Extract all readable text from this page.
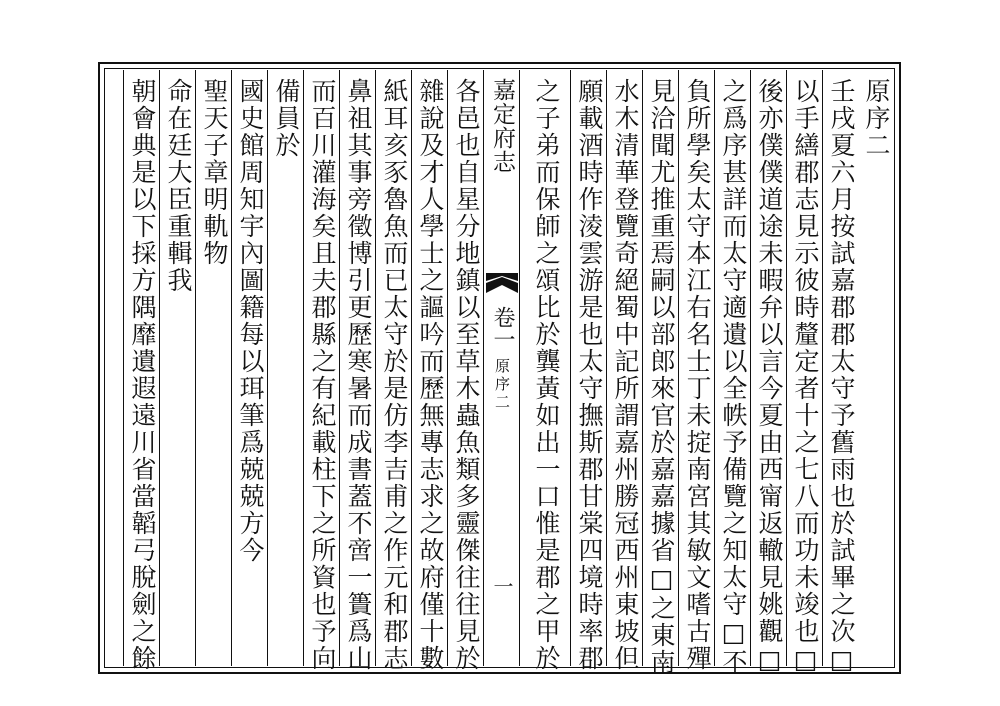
原序二
壬戌夏六月按試嘉郡郡太守予舊雨也於試畢之次□
以手繕郡志見示彼時釐定者十之七八而功未竣也□
後亦僕僕道途未暇弁以言今夏由西甯返轍見姚觀□
之爲序甚詳而太守適遺以全帙予備覽之知太守□不
負所學矣太守本江右名士丁未掟南宮其敏文嗜古殫
見洽聞尤推重焉嗣以部郎來官於嘉嘉據省□之東南
水木清華登覽奇絕蜀中記所謂嘉州勝冠西州東坡但
願載酒時作淩雲游是也太守撫斯郡甘棠四境時率郡
之子弟而保師之頌比於龔黃如出一口惟是郡之甲於
嘉定府志
卷一
原序二
一
各邑也自星分地鎮以至草木蟲魚類多靈傑往往見於
雜說及才人學士之謳吟而歷無專志求之故府僅十數
紙耳亥豕魯魚而已太守於是仿李吉甫之作元和郡志
鼻祖其事旁徵博引更歷寒暑而成書蓋不啻一簣爲山
而百川灌海矣且夫郡縣之有紀載柱下之所資也予向
備員於
國史館周知宇內圖籍每以珥筆爲兢兢方今
聖天子章明軌物
命在廷大臣重輯我
朝會典是以下採方隅靡遺遐遠川省當韜弓脫劍之餘
